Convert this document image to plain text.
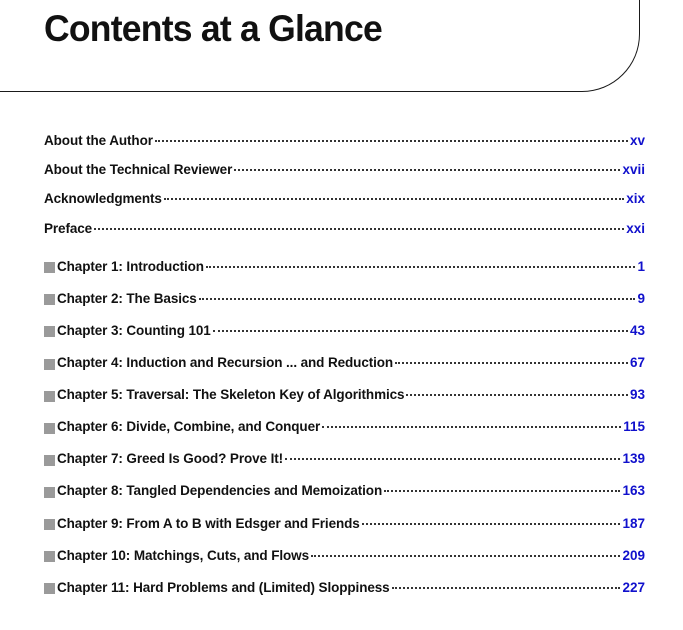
Contents at a Glance
About the Author	xv
About the Technical Reviewer	xvii
Acknowledgments	xix
Preface	xxi
Chapter 1: Introduction	1
Chapter 2: The Basics	9
Chapter 3: Counting 101	43
Chapter 4: Induction and Recursion ... and Reduction	67
Chapter 5: Traversal: The Skeleton Key of Algorithmics	93
Chapter 6: Divide, Combine, and Conquer	115
Chapter 7: Greed Is Good? Prove It!	139
Chapter 8: Tangled Dependencies and Memoization	163
Chapter 9: From A to B with Edsger and Friends	187
Chapter 10: Matchings, Cuts, and Flows	209
Chapter 11: Hard Problems and (Limited) Sloppiness	227
